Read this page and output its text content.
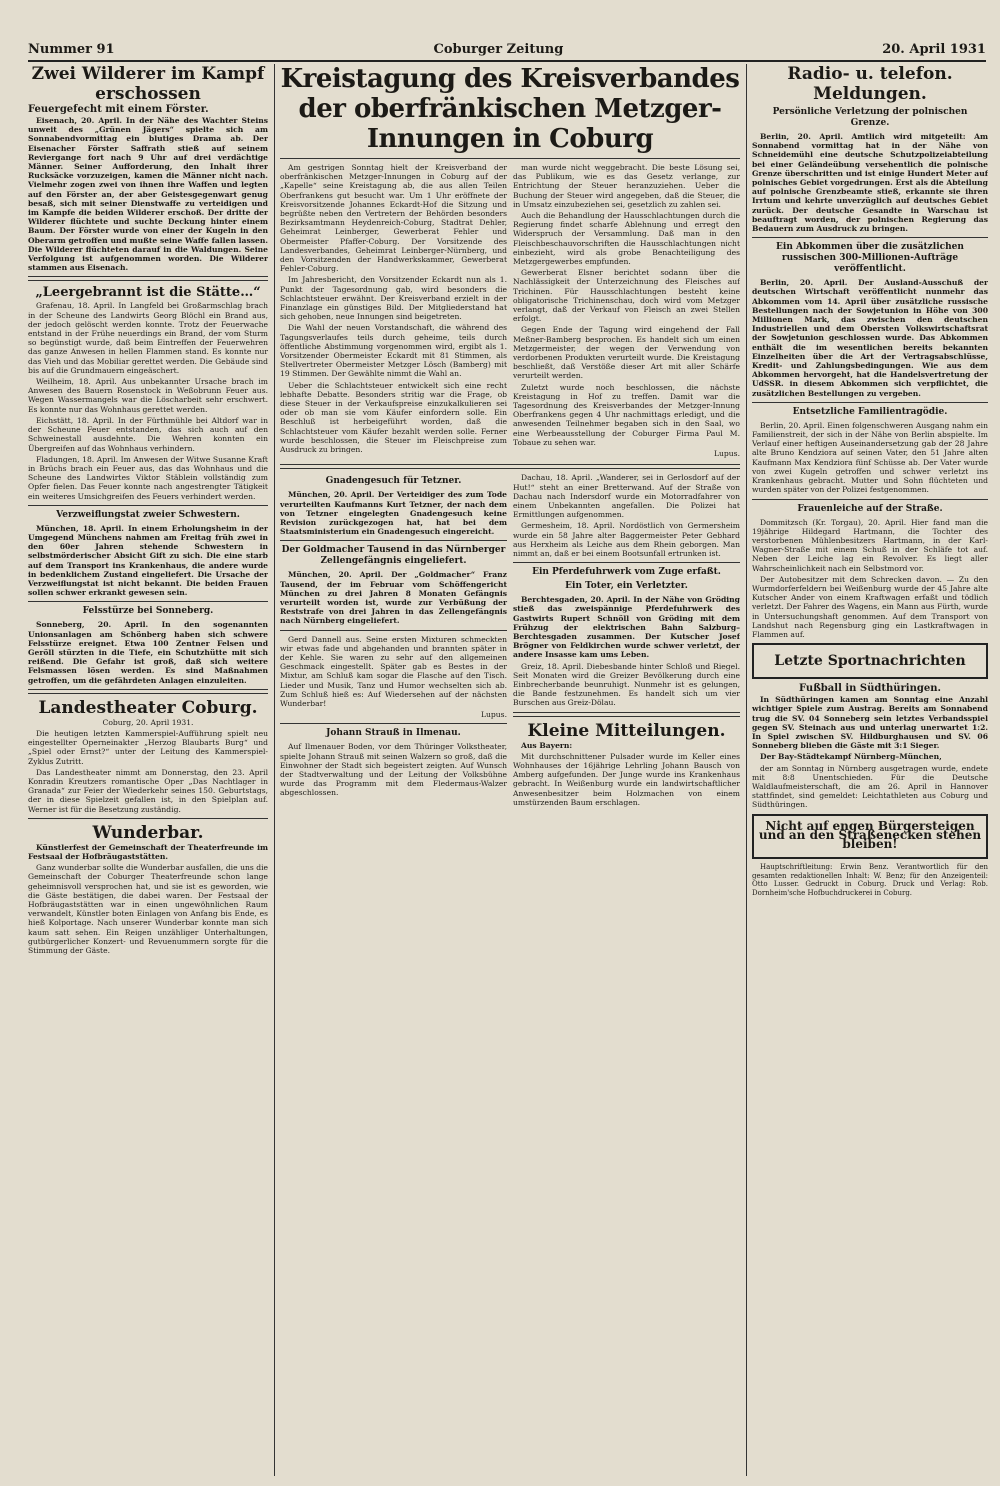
Nummer 91	Coburger Zeitung	20. April 1931
Zwei Wilderer im Kampf erschossen
Feuergefecht mit einem Förster.

Eisenach, 20. April. In der Nähe des Wachter Steins unweit des „Grünen Jägers“ spielte sich am Sonnabendvormittag ein blutiges Drama ab. Der Eisenacher Förster Saffrath stieß auf seinem Reviergange fort nach 9 Uhr auf drei verdächtige Männer. Seiner Aufforderung, den Inhalt ihrer Rucksäcke vorzuzeigen, kamen die Männer nicht nach. Vielmehr zogen zwei von ihnen ihre Waffen und legten auf den Förster an, der aber Geistesgegenwart genug besaß, sich mit seiner Dienstwaffe zu verteidigen und im Kampfe die beiden Wilderer erschoß. Der dritte der Wilderer flüchtete und suchte Deckung hinter einem Baum. Der Förster wurde von einer der Kugeln in den Oberarm getroffen und mußte seine Waffe fallen lassen. Die Wilderer flüchteten darauf in die Waldungen. Seine Verfolgung ist aufgenommen worden. Die Wilderer stammen aus Eisenach.

„Leergebrannt ist die Stätte…“

Grafenau, 18. April. In Langfeld bei Großarmschlag brach in der Scheune des Landwirts Georg Blöchl ein Brand aus, der jedoch gelöscht werden konnte. Trotz der Feuerwache entstand in der Frühe neuerdings ein Brand, der vom Sturm so begünstigt wurde, daß beim Eintreffen der Feuerwehren das ganze Anwesen in hellen Flammen stand. Es konnte nur das Vieh und das Mobiliar gerettet werden. Die Gebäude sind bis auf die Grundmauern eingeäschert.

Weilheim, 18. April. Aus unbekannter Ursache brach im Anwesen des Bauern Rosenstock in Weßobrunn Feuer aus. Wegen Wassermangels war die Löscharbeit sehr erschwert. Es konnte nur das Wohnhaus gerettet werden.

Eichstätt, 18. April. In der Fürthmühle bei Altdorf war in der Scheune Feuer entstanden, das sich auch auf den Schweinestall ausdehnte. Die Wehren konnten ein Übergreifen auf das Wohnhaus verhindern.

Fladungen, 18. April. Im Anwesen der Witwe Susanne Kraft in Brüchs brach ein Feuer aus, das das Wohnhaus und die Scheune des Landwirtes Viktor Stäblein vollständig zum Opfer fielen. Das Feuer konnte nach angestrengter Tätigkeit ein weiteres Umsichgreifen des Feuers verhindert werden.

Verzweiflungstat zweier Schwestern.

München, 18. April. In einem Erholungsheim in der Umgegend Münchens nahmen am Freitag früh zwei in den 60er Jahren stehende Schwestern in selbstmörderischer Absicht Gift zu sich. Die eine starb auf dem Transport ins Krankenhaus, die andere wurde in bedenklichem Zustand eingeliefert. Die Ursache der Verzweiflungstat ist nicht bekannt. Die beiden Frauen sollen schwer erkrankt gewesen sein.

Felsstürze bei Sonneberg.

Sonneberg, 20. April. In den sogenannten Unionsanlagen am Schönberg haben sich schwere Felsstürze ereignet. Etwa 100 Zentner Felsen und Geröll stürzten in die Tiefe, ein Schutzhütte mit sich reißend. Die Gefahr ist groß, daß sich weitere Felsmassen lösen werden. Es sind Maßnahmen getroffen, um die gefährdeten Anlagen einzuleiten.

Landestheater Coburg.

Coburg, 20. April 1931.

Die heutigen letzten Kammerspiel-Aufführung spielt neu eingestellter Operneinakter „Herzog Blaubarts Burg“ und „Spiel oder Ernst?“ unter der Leitung des Kammerspiel-Zyklus Zutritt.

Das Landestheater nimmt am Donnerstag, den 23. April Konradin Kreutzers romantische Oper „Das Nachtlager in Granada“ zur Feier der Wiederkehr seines 150. Geburtstags, der in diese Spielzeit gefallen ist, in den Spielplan auf. Werner ist für die Besetzung zuständig.

Wunderbar.

Künstlerfest der Gemeinschaft der Theaterfreunde im Festsaal der Hofbräugaststätten.

Ganz wunderbar sollte die Wunderbar ausfallen, die uns die Gemeinschaft der Coburger Theaterfreunde schon lange geheimnisvoll versprochen hat, und sie ist es geworden, wie die Gäste bestätigen, die dabei waren. Der Festsaal der Hofbräugaststätten war in einen ungewöhnlichen Raum verwandelt, Künstler boten Einlagen von Anfang bis Ende, es hieß Kolportage. Nach unserer Wunderbar konnte man sich kaum satt sehen. Ein Reigen unzähliger Unterhaltungen, gutbürgerlicher Konzert- und Revuenummern sorgte für die Stimmung der Gäste.

Kreistagung des Kreisverbandes
der oberfränkischen Metzger-Innungen in Coburg

Am gestrigen Sonntag hielt der Kreisverband der oberfränkischen Metzger-Innungen in Coburg auf der „Kapelle“ seine Kreistagung ab, die aus allen Teilen Oberfrankens gut besucht war. Um 1 Uhr eröffnete der Kreisvorsitzende Johannes Eckardt-Hof die Sitzung und begrüßte neben den Vertretern der Behörden besonders Bezirksamtmann Heydenreich-Coburg, Stadtrat Dehler, Geheimrat Leinberger, Gewerberat Fehler und Obermeister Pfaffer-Coburg. Der Vorsitzende des Landesverbandes, Geheimrat Leinberger-Nürnberg, und den Vorsitzenden der Handwerkskammer, Gewerberat Fehler-Coburg.

Im Jahresbericht, den Vorsitzender Eckardt nun als 1. Punkt der Tagesordnung gab, wird besonders die Schlachtsteuer erwähnt. Der Kreisverband erzielt in der Finanzlage ein günstiges Bild. Der Mitgliederstand hat sich gehoben, neue Innungen sind beigetreten.

Die Wahl der neuen Vorstandschaft, die während des Tagungsverlaufes teils durch geheime, teils durch öffentliche Abstimmung vorgenommen wird, ergibt als 1. Vorsitzender Obermeister Eckardt mit 81 Stimmen, als Stellvertreter Obermeister Metzger Lösch (Bamberg) mit 19 Stimmen. Der Gewählte nimmt die Wahl an.

Ueber die Schlachtsteuer entwickelt sich eine recht lebhafte Debatte. Besonders stritig war die Frage, ob diese Steuer in der Verkaufspreise einzukalkulieren sei oder ob man sie vom Käufer einfordern solle. Ein Beschluß ist herbeigeführt worden, daß die Schlachtsteuer vom Käufer bezahlt werden solle. Ferner wurde beschlossen, die Steuer im Fleischpreise zum Ausdruck zu bringen.

man wurde nicht weggebracht. Die beste Lösung sei, das Publikum, wie es das Gesetz verlange, zur Entrichtung der Steuer heranzuziehen. Ueber die Buchung der Steuer wird angegeben, daß die Steuer, die in Umsatz einzubeziehen sei, gesetzlich zu zahlen sei.

Auch die Behandlung der Hausschlachtungen durch die Regierung findet scharfe Ablehnung und erregt den Widerspruch der Versammlung. Daß man in den Fleischbeschauvorschriften die Hausschlachtungen nicht einbezieht, wird als grobe Benachteiligung des Metzgergewerbes empfunden.

Gewerberat Elsner berichtet sodann über die Nachlässigkeit der Unterzeichnung des Fleisches auf Trichinen. Für Hausschlachtungen besteht keine obligatorische Trichinenschau, doch wird vom Metzger verlangt, daß der Verkauf von Fleisch an zwei Stellen erfolgt.

Gegen Ende der Tagung wird eingehend der Fall Meßner-Bamberg besprochen. Es handelt sich um einen Metzgermeister, der wegen der Verwendung von verdorbenen Produkten verurteilt wurde. Die Kreistagung beschließt, daß Verstöße dieser Art mit aller Schärfe verurteilt werden.

Zuletzt wurde noch beschlossen, die nächste Kreistagung in Hof zu treffen. Damit war die Tagesordnung des Kreisverbandes der Metzger-Innung Oberfrankens gegen 4 Uhr nachmittags erledigt, und die anwesenden Teilnehmer begaben sich in den Saal, wo eine Werbeausstellung der Coburger Firma Paul M. Tobaue zu sehen war.

Lupus.

Gnadengesuch für Tetzner.

München, 20. April. Der Verteidiger des zum Tode verurteilten Kaufmanns Kurt Tetzner, der nach dem von Tetzner eingelegten Gnadengesuch keine Revision zurückgezogen hat, hat bei dem Staatsministerium ein Gnadengesuch eingereicht.

Der Goldmacher Tausend in das Nürnberger Zellengefängnis eingeliefert.

München, 20. April. Der „Goldmacher“ Franz Tausend, der im Februar vom Schöffengericht München zu drei Jahren 8 Monaten Gefängnis verurteilt worden ist, wurde zur Verbüßung der Reststrafe von drei Jahren in das Zellengefängnis nach Nürnberg eingeliefert.

Gerd Dannell aus. Seine ersten Mixturen schmeckten wir etwas fade und abgehanden und brannten später in der Kehle. Sie waren zu sehr auf den allgemeinen Geschmack eingestellt. Später gab es Bestes in der Mixtur, am Schluß kam sogar die Flasche auf den Tisch. Lieder und Musik, Tanz und Humor wechselten sich ab. Zum Schluß hieß es: Auf Wiedersehen auf der nächsten Wunderbar!

Lupus.

Johann Strauß in Ilmenau.

Auf Ilmenauer Boden, vor dem Thüringer Volkstheater, spielte Johann Strauß mit seinen Walzern so groß, daß die Einwohner der Stadt sich begeistert zeigten. Auf Wunsch der Stadtverwaltung und der Leitung der Volksbühne wurde das Programm mit dem Fledermaus-Walzer abgeschlossen.

Dachau, 18. April. „Wanderer, sei in Gerlosdorf auf der Hut!“ steht an einer Bretterwand. Auf der Straße von Dachau nach Indersdorf wurde ein Motorradfahrer von einem Unbekannten angefallen. Die Polizei hat Ermittlungen aufgenommen.

Germesheim, 18. April. Nordöstlich von Germersheim wurde ein 58 Jahre alter Baggermeister Peter Gebhard aus Herxheim als Leiche aus dem Rhein geborgen. Man nimmt an, daß er bei einem Bootsunfall ertrunken ist.

Ein Pferdefuhrwerk vom Zuge erfaßt.
Ein Toter, ein Verletzter.

Berchtesgaden, 20. April. In der Nähe von Gröding stieß das zweispännige Pferdefuhrwerk des Gastwirts Rupert Schnöll von Gröding mit dem Frühzug der elektrischen Bahn Salzburg–Berchtesgaden zusammen. Der Kutscher Josef Brögner von Feldkirchen wurde schwer verletzt, der andere Insasse kam ums Leben.

Greiz, 18. April. Diebesbande hinter Schloß und Riegel. Seit Monaten wird die Greizer Bevölkerung durch eine Einbrecherbande beunruhigt. Nunmehr ist es gelungen, die Bande festzunehmen. Es handelt sich um vier Burschen aus Greiz-Dölau.

Kleine Mitteilungen.

Aus Bayern:

Mit durchschnittener Pulsader wurde im Keller eines Wohnhauses der 16jährige Lehrling Johann Bausch von Amberg aufgefunden. Der Junge wurde ins Krankenhaus gebracht. In Weißenburg wurde ein landwirtschaftlicher Anwesenbesitzer beim Holzmachen von einem umstürzenden Baum erschlagen.

Radio- u. telefon. Meldungen.
Persönliche Verletzung der polnischen Grenze.

Berlin, 20. April. Amtlich wird mitgeteilt: Am Sonnabend vormittag hat in der Nähe von Schneidemühl eine deutsche Schutzpolizeiabteilung bei einer Geländeübung versehentlich die polnische Grenze überschritten und ist einige Hundert Meter auf polnisches Gebiet vorgedrungen. Erst als die Abteilung auf polnische Grenzbeamte stieß, erkannte sie ihren Irrtum und kehrte unverzüglich auf deutsches Gebiet zurück. Der deutsche Gesandte in Warschau ist beauftragt worden, der polnischen Regierung das Bedauern zum Ausdruck zu bringen.

Ein Abkommen über die zusätzlichen russischen 300-Millionen-Aufträge veröffentlicht.

Berlin, 20. April. Der Ausland-Ausschuß der deutschen Wirtschaft veröffentlicht nunmehr das Abkommen vom 14. April über zusätzliche russische Bestellungen nach der Sowjetunion in Höhe von 300 Millionen Mark, das zwischen den deutschen Industriellen und dem Obersten Volkswirtschaftsrat der Sowjetunion geschlossen wurde. Das Abkommen enthält die im wesentlichen bereits bekannten Einzelheiten über die Art der Vertragsabschlüsse, Kredit- und Zahlungsbedingungen. Wie aus dem Abkommen hervorgeht, hat die Handelsvertretung der UdSSR. in diesem Abkommen sich verpflichtet, die zusätzlichen Bestellungen zu vergeben.

Entsetzliche Familientragödie.

Berlin, 20. April. Einen folgenschweren Ausgang nahm ein Familienstreit, der sich in der Nähe von Berlin abspielte. Im Verlauf einer heftigen Auseinandersetzung gab der 28 Jahre alte Bruno Kendziora auf seinen Vater, den 51 Jahre alten Kaufmann Max Kendziora fünf Schüsse ab. Der Vater wurde von zwei Kugeln getroffen und schwer verletzt ins Krankenhaus gebracht. Mutter und Sohn flüchteten und wurden später von der Polizei festgenommen.

Frauenleiche auf der Straße.

Dommitzsch (Kr. Torgau), 20. April. Hier fand man die 19jährige Hildegard Hartmann, die Tochter des verstorbenen Mühlenbesitzers Hartmann, in der Karl-Wagner-Straße mit einem Schuß in der Schläfe tot auf. Neben der Leiche lag ein Revolver. Es liegt aller Wahrscheinlichkeit nach ein Selbstmord vor.

Der Autobesitzer mit dem Schrecken davon. — Zu den Wurmdorferfeldern bei Weißenburg wurde der 45 Jahre alte Kutscher Ander von einem Kraftwagen erfaßt und tödlich verletzt. Der Fahrer des Wagens, ein Mann aus Fürth, wurde in Untersuchungshaft genommen. Auf dem Transport von Landshut nach Regensburg ging ein Lastkraftwagen in Flammen auf.

Letzte Sportnachrichten
Fußball in Südthüringen.

In Südthüringen kamen am Sonntag eine Anzahl wichtiger Spiele zum Austrag. Bereits am Sonnabend trug die SV. 04 Sonneberg sein letztes Verbandsspiel gegen SV. Steinach aus und unterlag unerwartet 1:2. In Spiel zwischen SV. Hildburghausen und SV. 06 Sonneberg blieben die Gäste mit 3:1 Sieger.

Der Bay-Städtekampf Nürnberg–München,

der am Sonntag in Nürnberg ausgetragen wurde, endete mit 8:8 Unentschieden. Für die Deutsche Waldlaufmeisterschaft, die am 26. April in Hannover stattfindet, sind gemeldet: Leichtathleten aus Coburg und Südthüringen.

Nicht auf engen Bürgersteigen und an den Straßenecken stehen bleiben!

Hauptschriftleitung: Erwin Benz. Verantwortlich für den gesamten redaktionellen Inhalt: W. Benz; für den Anzeigenteil: Otto Lusser. Gedruckt in Coburg. Druck und Verlag: Rob. Dornheim'sche Hofbuchdruckerei in Coburg.
